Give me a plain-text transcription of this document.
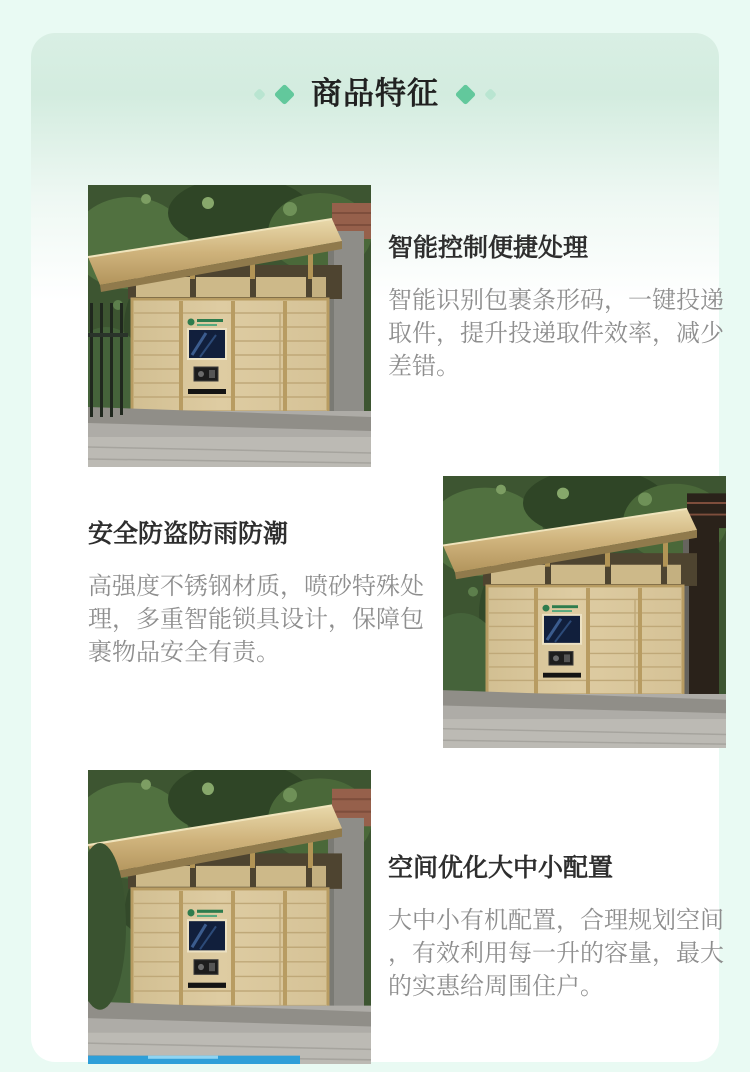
智能控制便捷处理
智能识别包裹条形码，一键投递
取件，提升投递取件效率，减少
差错。
安全防盗防雨防潮
高强度不锈钢材质，喷砂特殊处
理，多重智能锁具设计，保障包
裹物品安全有责。
空间优化大中小配置
大中小有机配置，合理规划空间
，有效利用每一升的容量，最大
的实惠给周围住户。
商品特征
